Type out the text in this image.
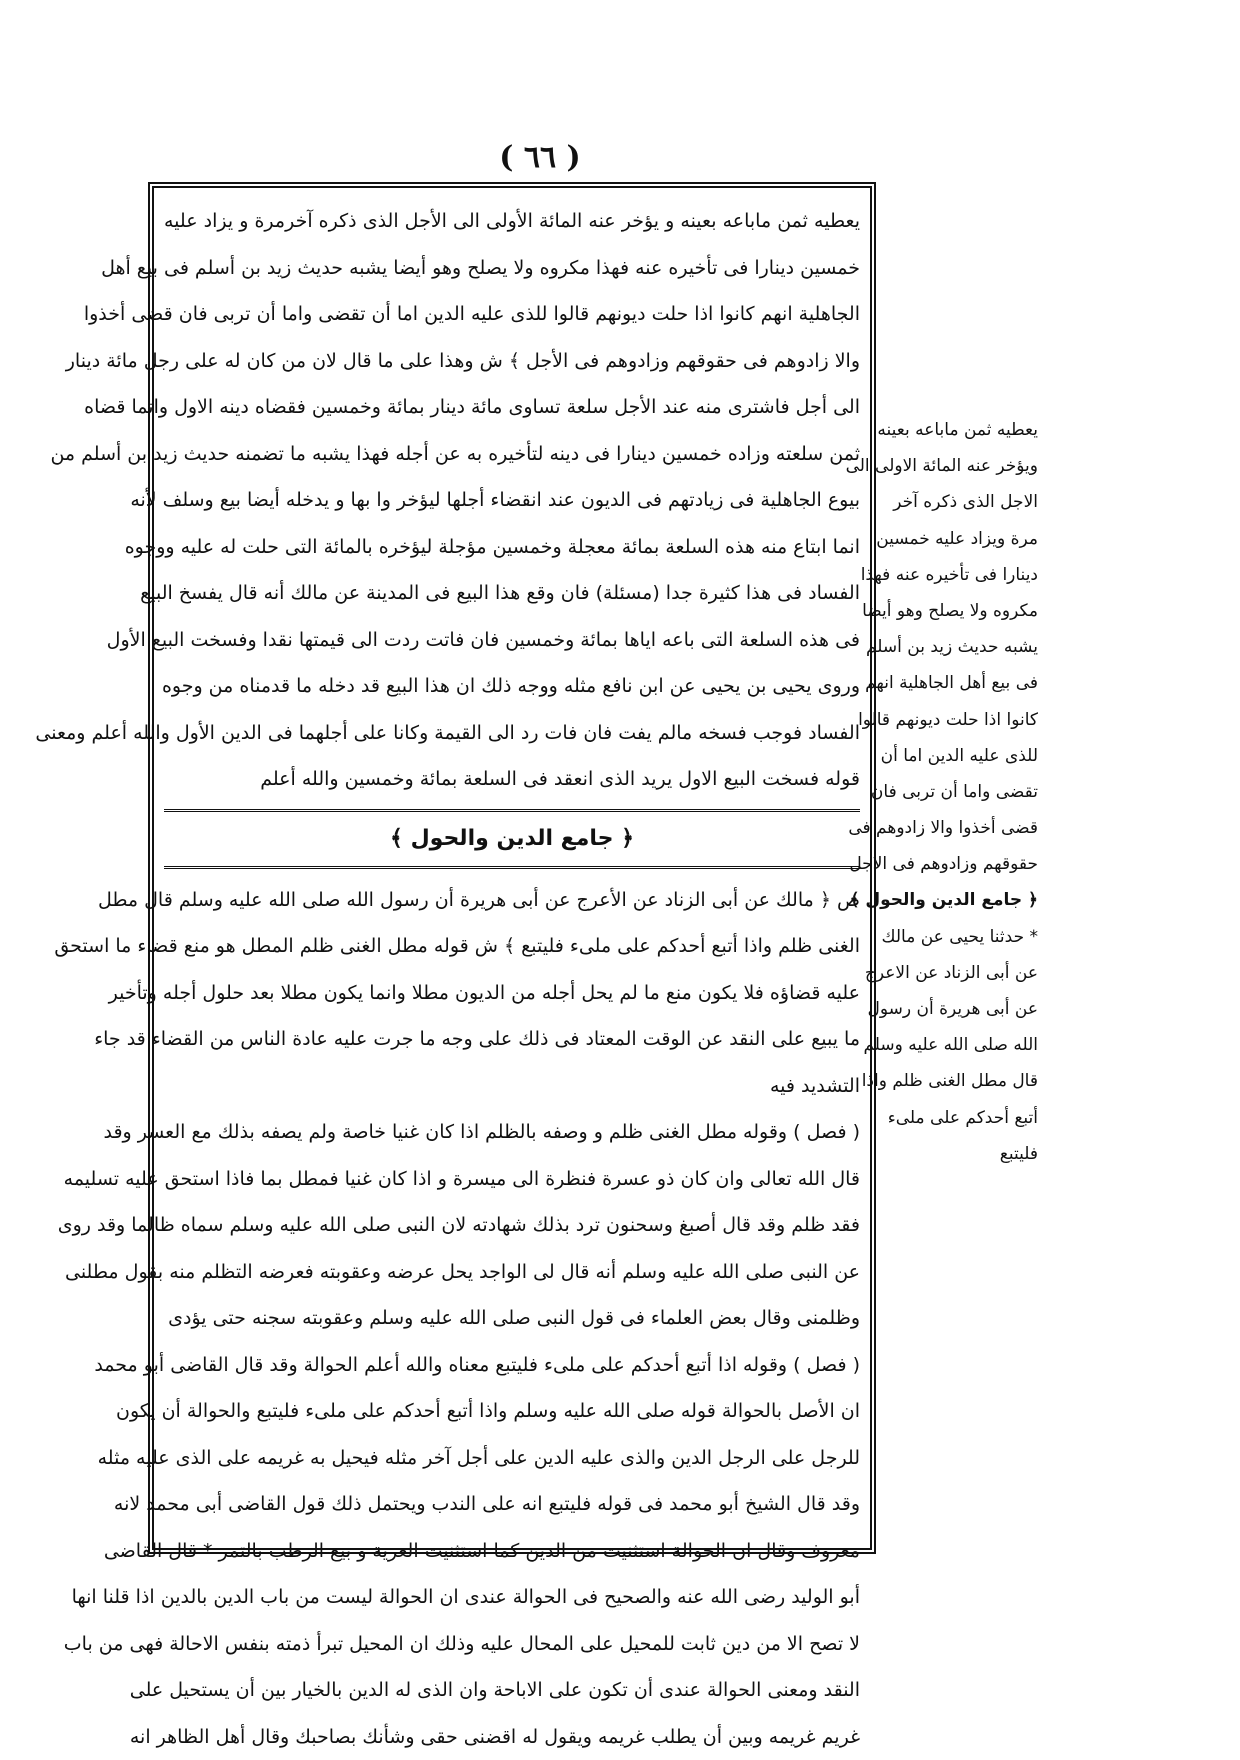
( ٦٦ )
يعطيه ثمن ماباعه بعينه و يؤخر عنه المائة الأولى الى الأجل الذى ذكره آخرمرة و يزاد عليه
خمسين دينارا فى تأخيره عنه فهذا مكروه ولا يصلح وهو أيضا يشبه حديث زيد بن أسلم فى بيع أهل
الجاهلية انهم كانوا اذا حلت ديونهم قالوا للذى عليه الدين اما أن تقضى واما أن تربى فان قضى أخذوا
والا زادوهم فى حقوقهم وزادوهم فى الأجل ﴾ ش وهذا على ما قال لان من كان له على رجل مائة دينار
الى أجل فاشترى منه عند الأجل سلعة تساوى مائة دينار بمائة وخمسين فقضاه دينه الاول وانما قضاه
ثمن سلعته وزاده خمسين دينارا فى دينه لتأخيره به عن أجله فهذا يشبه ما تضمنه حديث زيد بن أسلم من
بيوع الجاهلية فى زيادتهم فى الديون عند انقضاء أجلها ليؤخر وا بها و يدخله أيضا بيع وسلف لأنه
انما ابتاع منه هذه السلعة بمائة معجلة وخمسين مؤجلة ليؤخره بالمائة التى حلت له عليه ووجوه
الفساد فى هذا كثيرة جدا (مسئلة) فان وقع هذا البيع فى المدينة عن مالك أنه قال يفسخ البيع
فى هذه السلعة التى باعه اياها بمائة وخمسين فان فاتت ردت الى قيمتها نقدا وفسخت البيع الأول
وروى يحيى بن يحيى عن ابن نافع مثله ووجه ذلك ان هذا البيع قد دخله ما قدمناه من وجوه
الفساد فوجب فسخه مالم يفت فان فات رد الى القيمة وكانا على أجلهما فى الدين الأول والله أعلم ومعنى
قوله فسخت البيع الاول يريد الذى انعقد فى السلعة بمائة وخمسين والله أعلم
﴿ جامع الدين والحول ﴾
ص ﴿ مالك عن أبى الزناد عن الأعرج عن أبى هريرة أن رسول الله صلى الله عليه وسلم قال مطل
الغنى ظلم واذا أتبع أحدكم على ملىء فليتبع ﴾ ش قوله مطل الغنى ظلم المطل هو منع قضاء ما استحق
عليه قضاؤه فلا يكون منع ما لم يحل أجله من الديون مطلا وانما يكون مطلا بعد حلول أجله وتأخير
ما يبيع على النقد عن الوقت المعتاد فى ذلك على وجه ما جرت عليه عادة الناس من القضاء قد جاء
التشديد فيه
( فصل ) وقوله مطل الغنى ظلم و وصفه بالظلم اذا كان غنيا خاصة ولم يصفه بذلك مع العسر وقد
قال الله تعالى وان كان ذو عسرة فنظرة الى ميسرة و اذا كان غنيا فمطل بما فاذا استحق عليه تسليمه
فقد ظلم وقد قال أصبغ وسحنون ترد بذلك شهادته لان النبى صلى الله عليه وسلم سماه ظالما وقد روى
عن النبى صلى الله عليه وسلم أنه قال لى الواجد يحل عرضه وعقوبته فعرضه التظلم منه بقول مطلنى
وظلمنى وقال بعض العلماء فى قول النبى صلى الله عليه وسلم وعقوبته سجنه حتى يؤدى
( فصل ) وقوله اذا أتبع أحدكم على ملىء فليتبع معناه والله أعلم الحوالة وقد قال القاضى أبو محمد
ان الأصل بالحوالة قوله صلى الله عليه وسلم واذا أتبع أحدكم على ملىء فليتبع والحوالة أن يكون
للرجل على الرجل الدين والذى عليه الدين على أجل آخر مثله فيحيل به غريمه على الذى عليه مثله
وقد قال الشيخ أبو محمد فى قوله فليتبع انه على الندب ويحتمل ذلك قول القاضى أبى محمد لانه
معروف وقال ان الحوالة استثنيت من الدين كما استثنيت العرية و بيع الرطب بالتمر * قال القاضى
أبو الوليد رضى الله عنه والصحيح فى الحوالة عندى ان الحوالة ليست من باب الدين بالدين اذا قلنا انها
لا تصح الا من دين ثابت للمحيل على المحال عليه وذلك ان المحيل تبرأ ذمته بنفس الاحالة فهى من باب
النقد ومعنى الحوالة عندى أن تكون على الاباحة وان الذى له الدين بالخيار بين أن يستحيل على
غريم غريمه وبين أن يطلب غريمه ويقول له اقضنى حقى وشأنك بصاحبك وقال أهل الظاهر انه
يعطيه ثمن ماباعه بعينه
ويؤخر عنه المائة الاولى الى
الاجل الذى ذكره آخر
مرة ويزاد عليه خمسين
دينارا فى تأخيره عنه فهذا
مكروه ولا يصلح وهو أيضا
يشبه حديث زيد بن أسلم
فى بيع أهل الجاهلية انهم
كانوا اذا حلت ديونهم قالوا
للذى عليه الدين اما أن
تقضى واما أن تربى فان
قضى أخذوا والا زادوهم فى
حقوقهم وزادوهم فى الاجل
﴿ جامع الدين والحول ﴾
* حدثنا يحيى عن مالك
عن أبى الزناد عن الاعرج
عن أبى هريرة أن رسول
الله صلى الله عليه وسلم
قال مطل الغنى ظلم واذا
أتبع أحدكم على ملىء
فليتبع
